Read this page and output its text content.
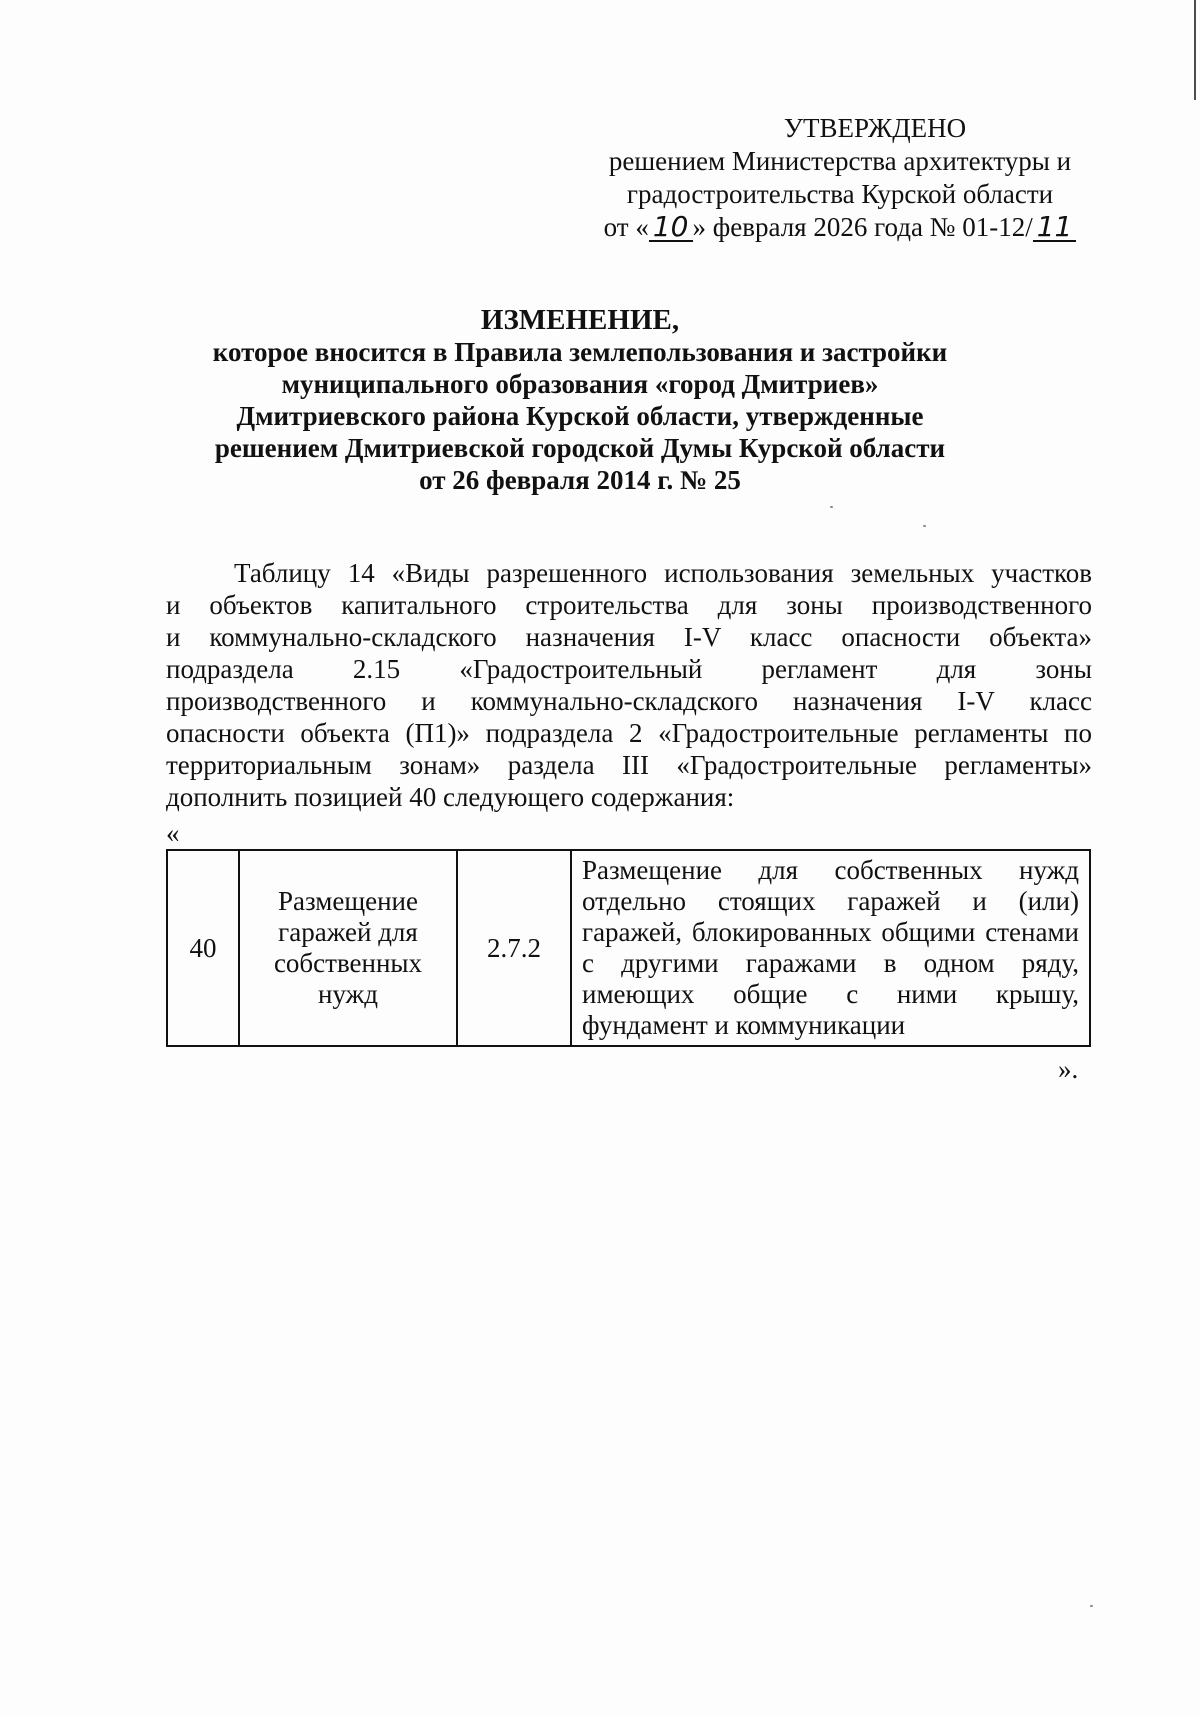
УТВЕРЖДЕНО
решением Министерства архитектуры и
градостроительства Курской области
от « 10 » февраля 2026 года № 01-12/ 11
ИЗМЕНЕНИЕ,
которое вносится в Правила землепользования и застройки
муниципального образования «город Дмитриев»
Дмитриевского района Курской области, утвержденные
решением Дмитриевской городской Думы Курской области
от 26 февраля 2014 г. № 25
Таблицу 14 «Виды разрешенного использования земельных участков
и объектов капитального строительства для зоны производственного
и коммунально-складского назначения I-V класс опасности объекта»
подраздела 2.15 «Градостроительный регламент для зоны
производственного и коммунально-складского назначения I-V класс
опасности объекта (П1)» подраздела 2 «Градостроительные регламенты по
территориальным зонам» раздела III «Градостроительные регламенты»
дополнить позицией 40 следующего содержания:
«
40	Размещение гаражей для собственных нужд	2.7.2	Размещение для собственных нужд отдельно стоящих гаражей и (или) гаражей, блокированных общими стенами с другими гаражами в одном ряду, имеющих общие с ними крышу, фундамент и коммуникации
».
